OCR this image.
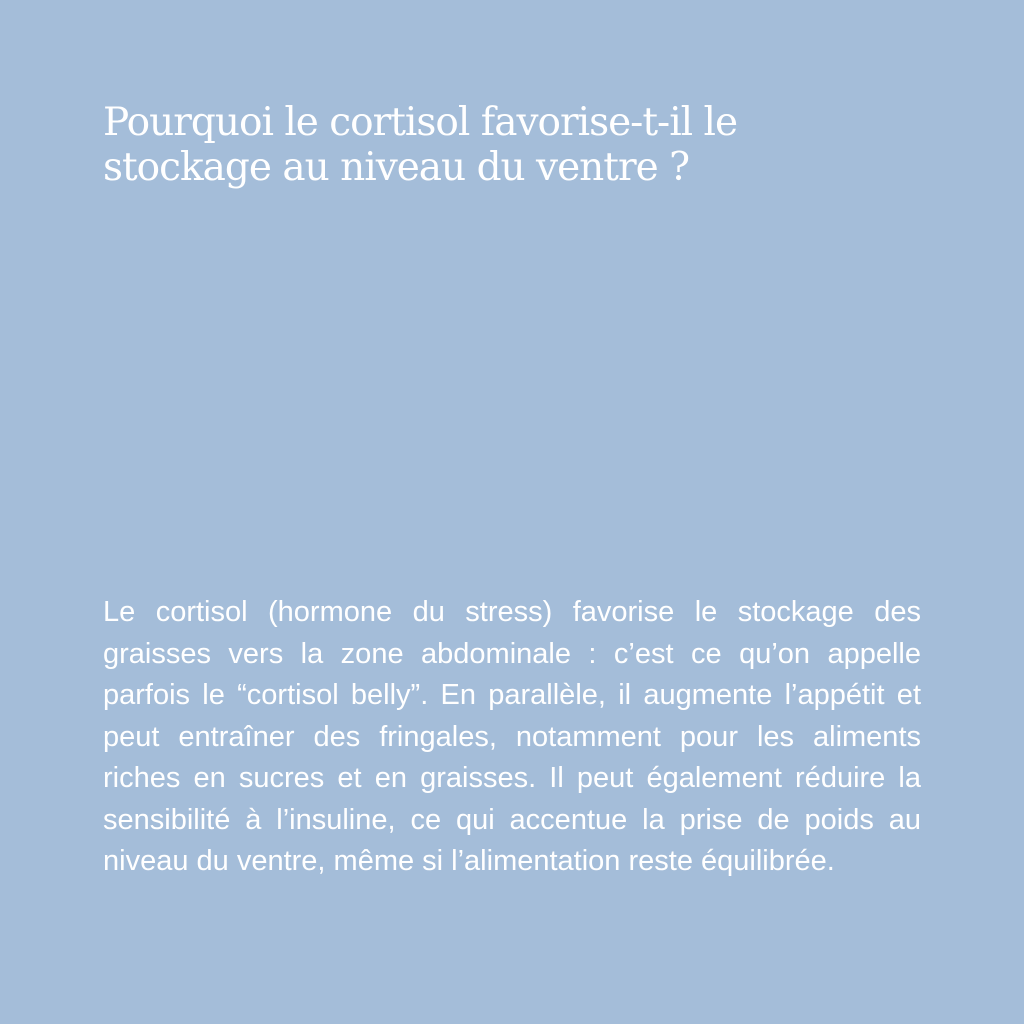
Pourquoi le cortisol favorise-t-il le
stockage au niveau du ventre ?

Le cortisol (hormone du stress) favorise le stockage des graisses vers la zone abdominale : c’est ce qu’on appelle parfois le “cortisol belly”. En parallèle, il augmente l’appétit et peut entraîner des fringales, notamment pour les aliments riches en sucres et en graisses. Il peut également réduire la sensibilité à l’insuline, ce qui accentue la prise de poids au niveau du ventre, même si l’alimentation reste équilibrée.
